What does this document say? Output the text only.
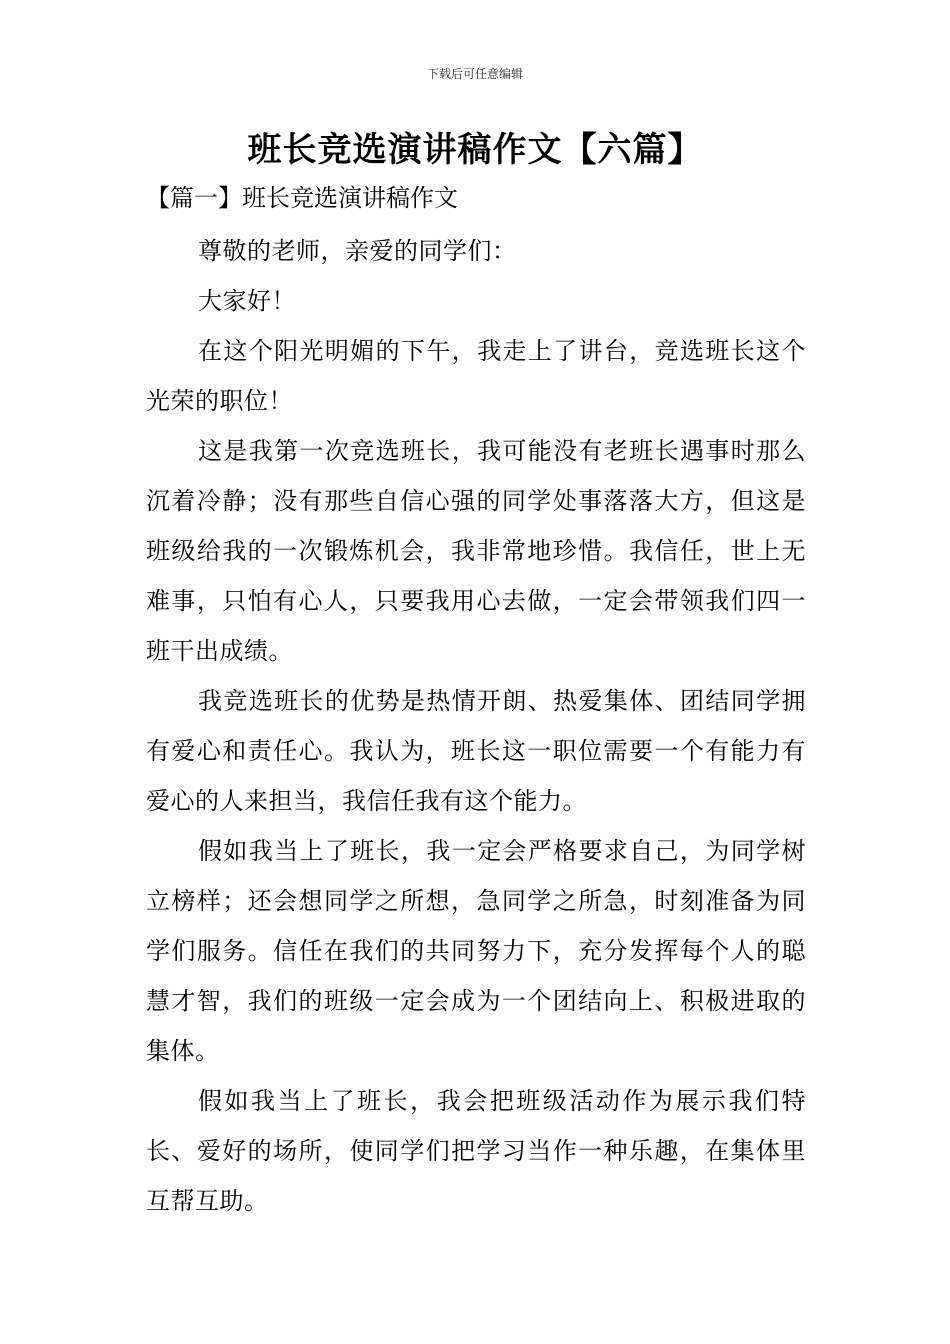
下载后可任意编辑
班长竞选演讲稿作文【六篇】
【篇一】班长竞选演讲稿作文

尊敬的老师，亲爱的同学们：

大家好！

在这个阳光明媚的下午，我走上了讲台，竞选班长这个光荣的职位！

这是我第一次竞选班长，我可能没有老班长遇事时那么沉着冷静；没有那些自信心强的同学处事落落大方，但这是班级给我的一次锻炼机会，我非常地珍惜。我信任，世上无难事，只怕有心人，只要我用心去做，一定会带领我们四一班干出成绩。

我竞选班长的优势是热情开朗、热爱集体、团结同学拥有爱心和责任心。我认为，班长这一职位需要一个有能力有爱心的人来担当，我信任我有这个能力。

假如我当上了班长，我一定会严格要求自己，为同学树立榜样；还会想同学之所想，急同学之所急，时刻准备为同学们服务。信任在我们的共同努力下，充分发挥每个人的聪慧才智，我们的班级一定会成为一个团结向上、积极进取的集体。

假如我当上了班长，我会把班级活动作为展示我们特长、爱好的场所，使同学们把学习当作一种乐趣，在集体里互帮互助。
